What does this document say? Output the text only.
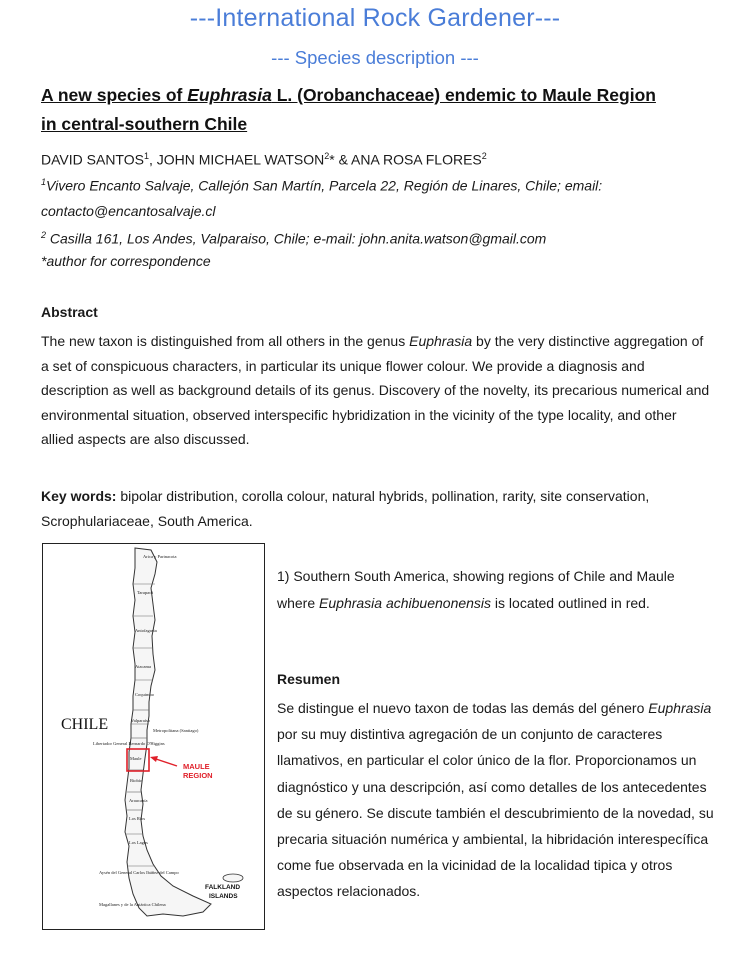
---International Rock Gardener---
--- Species description ---
A new species of Euphrasia L. (Orobanchaceae) endemic to Maule Region
in central-southern Chile
DAVID SANTOS$^1$, JOHN MICHAEL WATSON$^2$* & ANA ROSA FLORES$^2$
$^1$Vivero Encanto Salvaje, Callejón San Martín, Parcela 22, Región de Linares, Chile; email:
contacto@encantosalvaje.cl
$^2$ Casilla 161, Los Andes, Valparaiso, Chile; e-mail: john.anita.watson@gmail.com
*author for correspondence
Abstract
The new taxon is distinguished from all others in the genus Euphrasia by the very distinctive aggregation of a set of conspicuous characters, in particular its unique flower colour. We provide a diagnosis and description as well as background details of its genus. Discovery of the novelty, its precarious numerical and environmental situation, observed interspecific hybridization in the vicinity of the type locality, and other allied aspects are also discussed.
Key words: bipolar distribution, corolla colour, natural hybrids, pollination, rarity, site conservation, Scrophulariaceae, South America.
CHILE
MAULE
REGION
FALKLAND
ISLANDS
Arica y Parinacota
Tarapacá
Antofagasta
Atacama
Coquimbo
Valparaíso
Metropolitana (Santiago)
Libertador General Bernardo O'Higgins
Maule
Biobío
Araucanía
Los Ríos
Los Lagos
Aysén del General Carlos Ibáñez del Campo
Magallanes y de la Antártica Chilena
1) Southern South America, showing regions of Chile and Maule where Euphrasia achibuenonensis is located outlined in red.
Resumen
Se distingue el nuevo taxon de todas las demás del género Euphrasia por su muy distintiva agregación de un conjunto de caracteres llamativos, en particular el color único de la flor. Proporcionamos un diagnóstico y una descripción, así como detalles de los antecedentes de su género. Se discute también el descubrimiento de la novedad, su precaria situación numérica y ambiental, la hibridación interespecífica come fue observada en la vicinidad de la localidad tipica y otros aspectos relacionados.
